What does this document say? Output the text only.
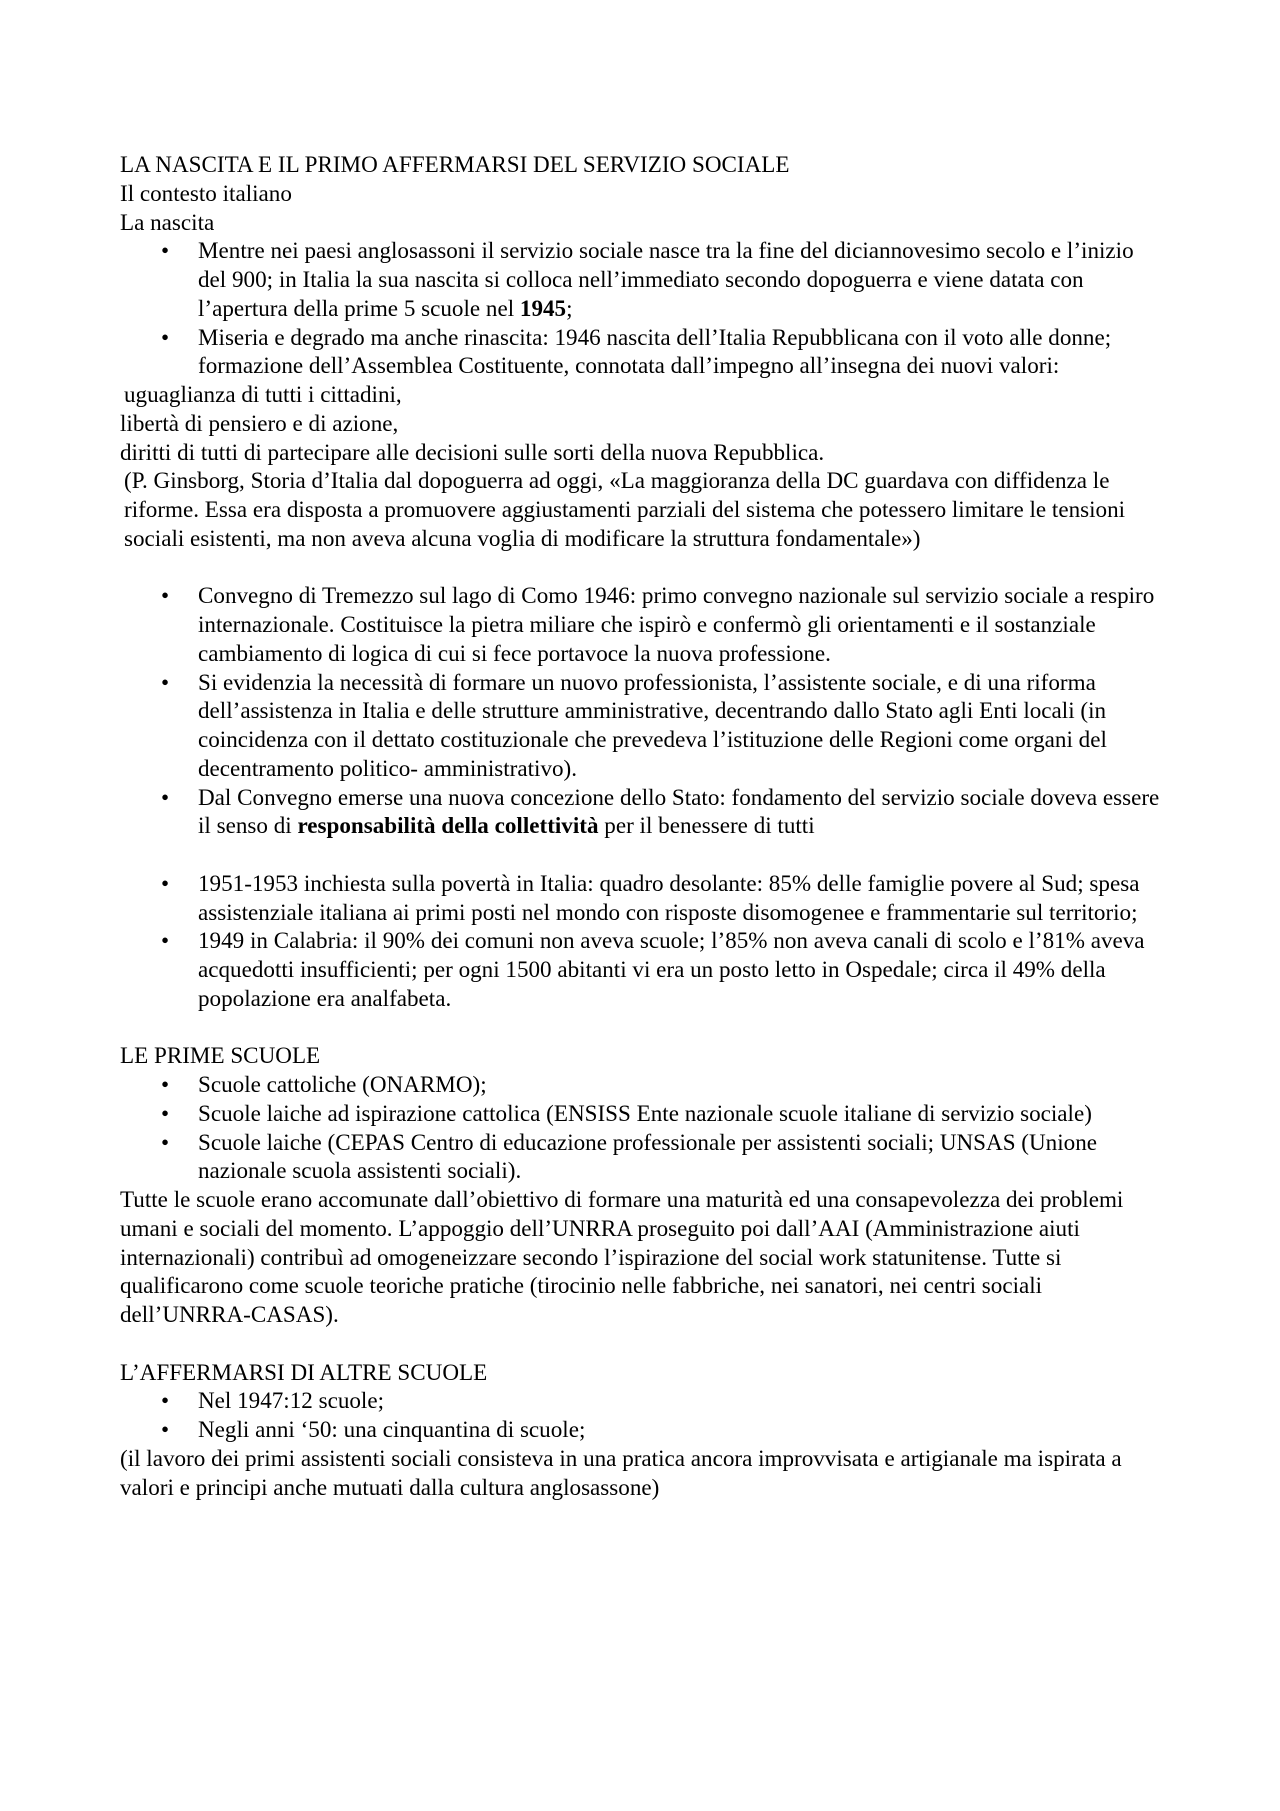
LA NASCITA E IL PRIMO AFFERMARSI DEL SERVIZIO SOCIALE

Il contesto italiano

La nascita

• Mentre nei paesi anglosassoni il servizio sociale nasce tra la fine del diciannovesimo secolo e l’inizio del 900; in Italia la sua nascita si colloca nell’immediato secondo dopoguerra e viene datata con l’apertura della prime 5 scuole nel 1945;
• Miseria e degrado ma anche rinascita: 1946 nascita dell’Italia Repubblicana con il voto alle donne; formazione dell’Assemblea Costituente, connotata dall’impegno all’insegna dei nuovi valori:

uguaglianza di tutti i cittadini,

libertà di pensiero e di azione,

diritti di tutti di partecipare alle decisioni sulle sorti della nuova Repubblica.

(P. Ginsborg, Storia d’Italia dal dopoguerra ad oggi, «La maggioranza della DC guardava con diffidenza le riforme. Essa era disposta a promuovere aggiustamenti parziali del sistema che potessero limitare le tensioni sociali esistenti, ma non aveva alcuna voglia di modificare la struttura fondamentale»)

• Convegno di Tremezzo sul lago di Como 1946: primo convegno nazionale sul servizio sociale a respiro internazionale. Costituisce la pietra miliare che ispirò e confermò gli orientamenti e il sostanziale cambiamento di logica di cui si fece portavoce la nuova professione.
• Si evidenzia la necessità di formare un nuovo professionista, l’assistente sociale, e di una riforma dell’assistenza in Italia e delle strutture amministrative, decentrando dallo Stato agli Enti locali (in coincidenza con il dettato costituzionale che prevedeva l’istituzione delle Regioni come organi del decentramento politico- amministrativo).
• Dal Convegno emerse una nuova concezione dello Stato: fondamento del servizio sociale doveva essere il senso di responsabilità della collettività per il benessere di tutti
• 1951-1953 inchiesta sulla povertà in Italia: quadro desolante: 85% delle famiglie povere al Sud; spesa assistenziale italiana ai primi posti nel mondo con risposte disomogenee e frammentarie sul territorio;
• 1949 in Calabria: il 90% dei comuni non aveva scuole; l’85% non aveva canali di scolo e l’81% aveva acquedotti insufficienti; per ogni 1500 abitanti vi era un posto letto in Ospedale; circa il 49% della popolazione era analfabeta.

LE PRIME SCUOLE

• Scuole cattoliche (ONARMO);
• Scuole laiche ad ispirazione cattolica (ENSISS Ente nazionale scuole italiane di servizio sociale)
• Scuole laiche (CEPAS Centro di educazione professionale per assistenti sociali; UNSAS (Unione nazionale scuola assistenti sociali).

Tutte le scuole erano accomunate dall’obiettivo di formare una maturità ed una consapevolezza dei problemi umani e sociali del momento. L’appoggio dell’UNRRA proseguito poi dall’AAI (Amministrazione aiuti internazionali) contribuì ad omogeneizzare secondo l’ispirazione del social work statunitense. Tutte si qualificarono come scuole teoriche pratiche (tirocinio nelle fabbriche, nei sanatori, nei centri sociali dell’UNRRA-CASAS).

L’AFFERMARSI DI ALTRE SCUOLE

• Nel 1947:12 scuole;
• Negli anni ‘50: una cinquantina di scuole;

(il lavoro dei primi assistenti sociali consisteva in una pratica ancora improvvisata e artigianale ma ispirata a valori e principi anche mutuati dalla cultura anglosassone)
